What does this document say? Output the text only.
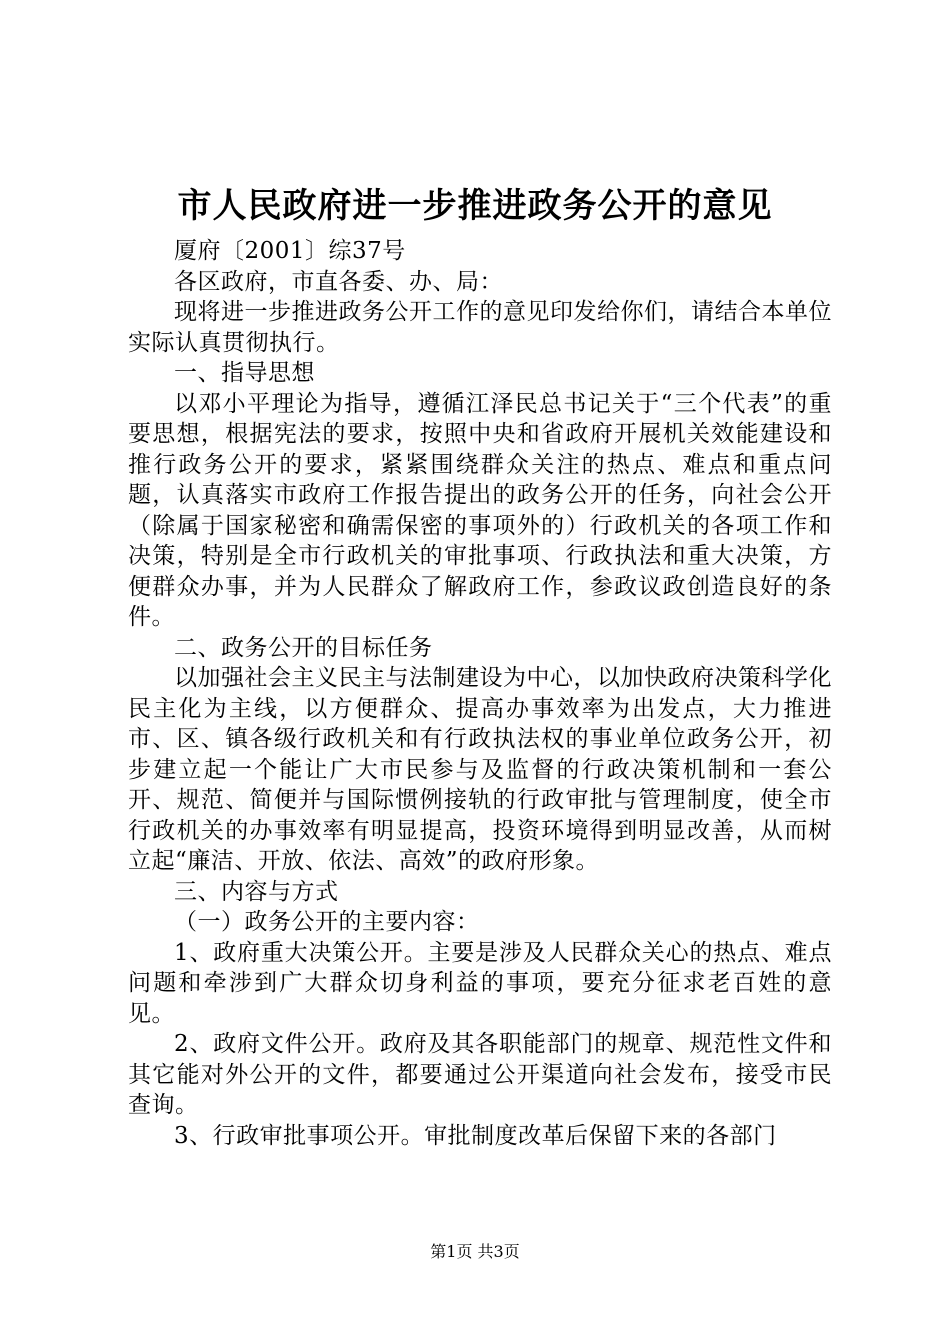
市人民政府进一步推进政务公开的意见

厦府〔2001〕综37号

各区政府，市直各委、办、局：

现将进一步推进政务公开工作的意见印发给你们，请结合本单位实际认真贯彻执行。

一、指导思想

以邓小平理论为指导，遵循江泽民总书记关于“三个代表”的重要思想，根据宪法的要求，按照中央和省政府开展机关效能建设和推行政务公开的要求，紧紧围绕群众关注的热点、难点和重点问题，认真落实市政府工作报告提出的政务公开的任务，向社会公开（除属于国家秘密和确需保密的事项外的）行政机关的各项工作和决策，特别是全市行政机关的审批事项、行政执法和重大决策，方便群众办事，并为人民群众了解政府工作，参政议政创造良好的条件。

二、政务公开的目标任务

以加强社会主义民主与法制建设为中心，以加快政府决策科学化民主化为主线，以方便群众、提高办事效率为出发点，大力推进市、区、镇各级行政机关和有行政执法权的事业单位政务公开，初步建立起一个能让广大市民参与及监督的行政决策机制和一套公开、规范、简便并与国际惯例接轨的行政审批与管理制度，使全市行政机关的办事效率有明显提高，投资环境得到明显改善，从而树立起“廉洁、开放、依法、高效”的政府形象。

三、内容与方式

（一）政务公开的主要内容：

1、政府重大决策公开。主要是涉及人民群众关心的热点、难点问题和牵涉到广大群众切身利益的事项，要充分征求老百姓的意见。

2、政府文件公开。政府及其各职能部门的规章、规范性文件和其它能对外公开的文件，都要通过公开渠道向社会发布，接受市民查询。

3、行政审批事项公开。审批制度改革后保留下来的各部门

第1页 共3页
